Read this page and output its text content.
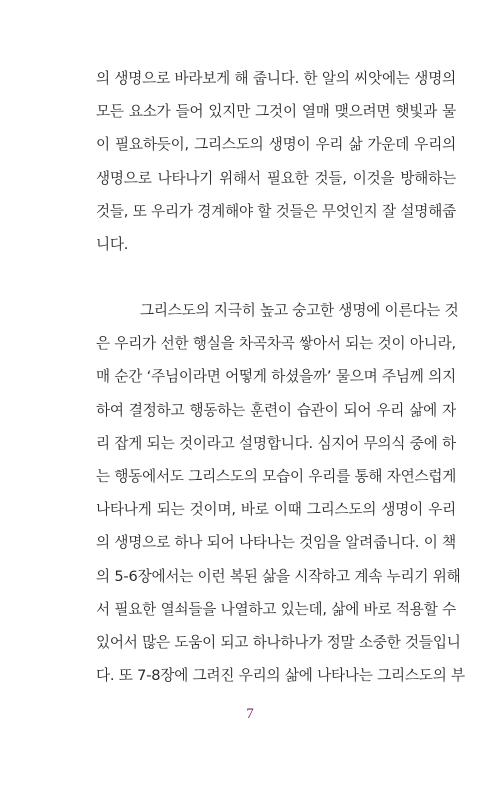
의 생명으로 바라보게 해 줍니다. 한 알의 씨앗에는 생명의
모든 요소가 들어 있지만 그것이 열매 맺으려면 햇빛과 물
이 필요하듯이, 그리스도의 생명이 우리 삶 가운데 우리의
생명으로 나타나기 위해서 필요한 것들, 이것을 방해하는
것들, 또 우리가 경계해야 할 것들은 무엇인지 잘 설명해줍
니다.
그리스도의 지극히 높고 숭고한 생명에 이른다는 것
은 우리가 선한 행실을 차곡차곡 쌓아서 되는 것이 아니라,
매 순간 ‘주님이라면 어떻게 하셨을까’ 물으며 주님께 의지
하여 결정하고 행동하는 훈련이 습관이 되어 우리 삶에 자
리 잡게 되는 것이라고 설명합니다. 심지어 무의식 중에 하
는 행동에서도 그리스도의 모습이 우리를 통해 자연스럽게
나타나게 되는 것이며, 바로 이때 그리스도의 생명이 우리
의 생명으로 하나 되어 나타나는 것임을 알려줍니다. 이 책
의 5-6장에서는 이런 복된 삶을 시작하고 계속 누리기 위해
서 필요한 열쇠들을 나열하고 있는데, 삶에 바로 적용할 수
있어서 많은 도움이 되고 하나하나가 정말 소중한 것들입니
다. 또 7-8장에 그려진 우리의 삶에 나타나는 그리스도의 부
7
